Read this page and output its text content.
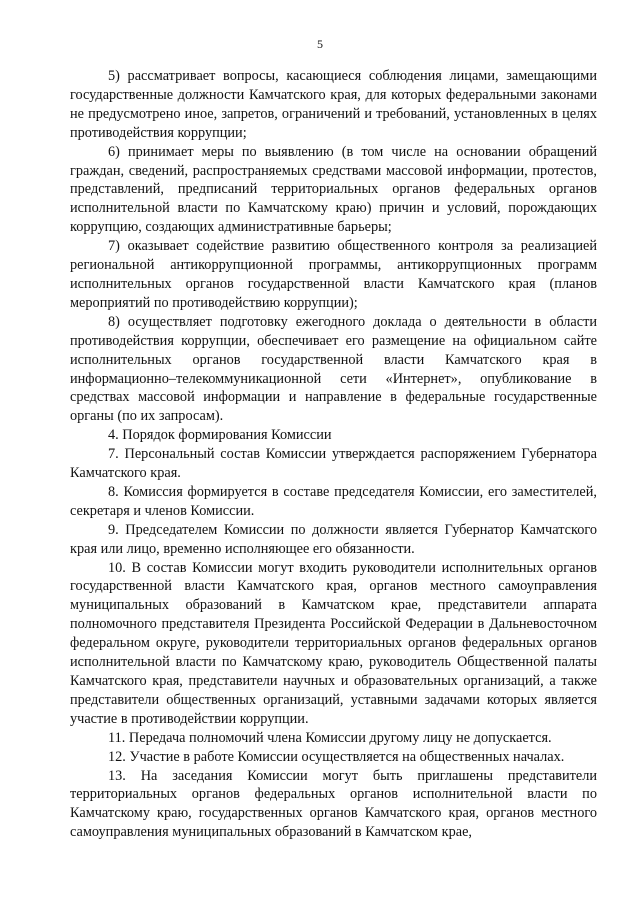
5

5) рассматривает вопросы, касающиеся соблюдения лицами, замещающими государственные должности Камчатского края, для которых федеральными законами не предусмотрено иное, запретов, ограничений и требований, установленных в целях противодействия коррупции;

6) принимает меры по выявлению (в том числе на основании обращений граждан, сведений, распространяемых средствами массовой информации, протестов, представлений, предписаний территориальных органов федеральных органов исполнительной власти по Камчатскому краю) причин и условий, порождающих коррупцию, создающих административные барьеры;

7) оказывает содействие развитию общественного контроля за реализацией региональной антикоррупционной программы, антикоррупционных программ исполнительных органов государственной власти Камчатского края (планов мероприятий по противодействию коррупции);

8) осуществляет подготовку ежегодного доклада о деятельности в области противодействия коррупции, обеспечивает его размещение на официальном сайте исполнительных органов государственной власти Камчатского края в информационно–телекоммуникационной сети «Интернет», опубликование в средствах массовой информации и направление в федеральные государственные органы (по их запросам).

4. Порядок формирования Комиссии

7. Персональный состав Комиссии утверждается распоряжением Губернатора Камчатского края.

8. Комиссия формируется в составе председателя Комиссии, его заместителей, секретаря и членов Комиссии.

9. Председателем Комиссии по должности является Губернатор Камчатского края или лицо, временно исполняющее его обязанности.

10. В состав Комиссии могут входить руководители исполнительных органов государственной власти Камчатского края, органов местного самоуправления муниципальных образований в Камчатском крае, представители аппарата полномочного представителя Президента Российской Федерации в Дальневосточном федеральном округе, руководители территориальных органов федеральных органов исполнительной власти по Камчатскому краю, руководитель Общественной палаты Камчатского края, представители научных и образовательных организаций, а также представители общественных организаций, уставными задачами которых является участие в противодействии коррупции.

11. Передача полномочий члена Комиссии другому лицу не допускается.

12. Участие в работе Комиссии осуществляется на общественных началах.

13. На заседания Комиссии могут быть приглашены представители территориальных органов федеральных органов исполнительной власти по Камчатскому краю, государственных органов Камчатского края, органов местного самоуправления муниципальных образований в Камчатском крае,
